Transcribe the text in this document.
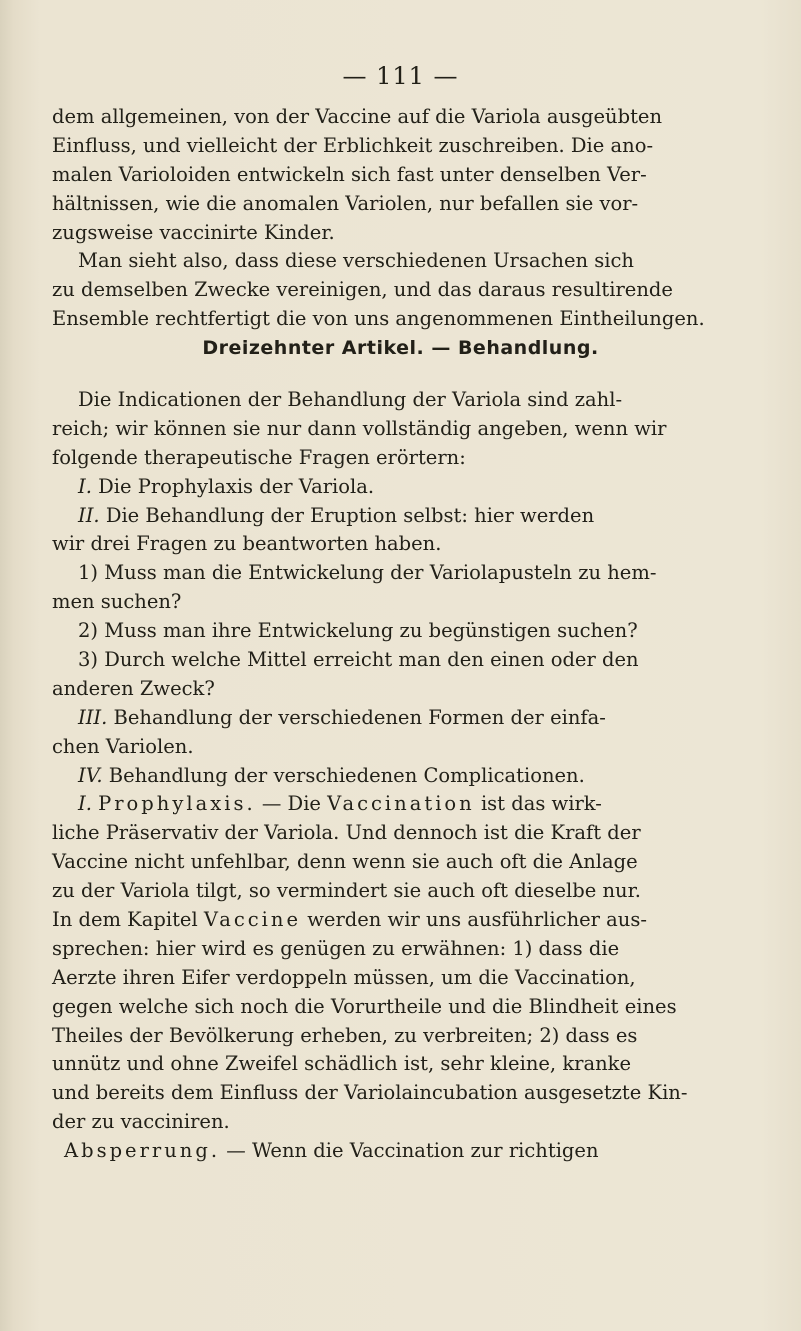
— 111 —
dem allgemeinen, von der Vaccine auf die Variola ausgeübten
Einfluss, und vielleicht der Erblichkeit zuschreiben. Die ano-
malen Varioloiden entwickeln sich fast unter denselben Ver-
hältnissen, wie die anomalen Variolen, nur befallen sie vor-
zugsweise vaccinirte Kinder.
Man sieht also, dass diese verschiedenen Ursachen sich
zu demselben Zwecke vereinigen, und das daraus resultirende
Ensemble rechtfertigt die von uns angenommenen Eintheilungen.
Dreizehnter Artikel. — Behandlung.
Die Indicationen der Behandlung der Variola sind zahl-
reich; wir können sie nur dann vollständig angeben, wenn wir
folgende therapeutische Fragen erörtern:
I. Die Prophylaxis der Variola.
II. Die Behandlung der Eruption selbst: hier werden
wir drei Fragen zu beantworten haben.
1) Muss man die Entwickelung der Variolapusteln zu hem-
men suchen?
2) Muss man ihre Entwickelung zu begünstigen suchen?
3) Durch welche Mittel erreicht man den einen oder den
anderen Zweck?
III. Behandlung der verschiedenen Formen der einfa-
chen Variolen.
IV. Behandlung der verschiedenen Complicationen.
I. Prophylaxis. — Die Vaccination ist das wirk-
liche Präservativ der Variola. Und dennoch ist die Kraft der
Vaccine nicht unfehlbar, denn wenn sie auch oft die Anlage
zu der Variola tilgt, so vermindert sie auch oft dieselbe nur.
In dem Kapitel Vaccine werden wir uns ausführlicher aus-
sprechen: hier wird es genügen zu erwähnen: 1) dass die
Aerzte ihren Eifer verdoppeln müssen, um die Vaccination,
gegen welche sich noch die Vorurtheile und die Blindheit eines
Theiles der Bevölkerung erheben, zu verbreiten; 2) dass es
unnütz und ohne Zweifel schädlich ist, sehr kleine, kranke
und bereits dem Einfluss der Variolaincubation ausgesetzte Kin-
der zu vacciniren.
Absperrung. — Wenn die Vaccination zur richtigen
